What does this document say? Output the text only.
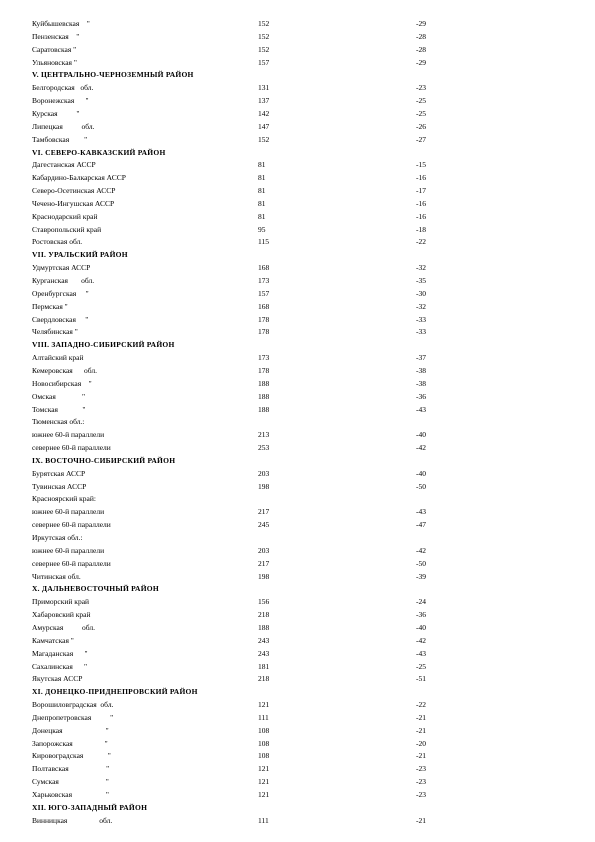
Куйбышевская    "	152	-29
Пензенская    "	152	-28
Саратовская "	152	-28
Ульяновская "	157	-29
V. ЦЕНТРАЛЬНО-ЧЕРНОЗЕМНЫЙ РАЙОН
Белгородская   обл.	131	-23
Воронежская      "	137	-25
Курская          "	142	-25
Липецкая          обл.	147	-26
Тамбовская        "	152	-27
VI. СЕВЕРО-КАВКАЗСКИЙ РАЙОН
Дагестанская АССР	81	-15
Кабардино-Балкарская АССР	81	-16
Северо-Осетинская АССР	81	-17
Чечено-Ингушская АССР	81	-16
Краснодарский край	81	-16
Ставропольский край	95	-18
Ростовская обл.	115	-22
VII. УРАЛЬСКИЙ РАЙОН
Удмуртская АССР	168	-32
Курганская       обл.	173	-35
Оренбургская     "	157	-30
Пермская "	168	-32
Свердловская     "	178	-33
Челябинская "	178	-33
VIII. ЗАПАДНО-СИБИРСКИЙ РАЙОН
Алтайский край	173	-37
Кемеровская      обл.	178	-38
Новосибирская    "	188	-38
Омская              "	188	-36
Томская             "	188	-43
Тюменская обл.:
южнее 60-й параллели	213	-40
севернее 60-й параллели	253	-42
IX. ВОСТОЧНО-СИБИРСКИЙ РАЙОН
Бурятская АССР	203	-40
Тувинская АССР	198	-50
Красноярский край:
южнее 60-й параллели	217	-43
севернее 60-й параллели	245	-47
Иркутская обл.:
южнее 60-й параллели	203	-42
севернее 60-й параллели	217	-50
Читинская обл.	198	-39
X. ДАЛЬНЕВОСТОЧНЫЙ РАЙОН
Приморский край	156	-24
Хабаровский край	218	-36
Амурская          обл.	188	-40
Камчатская "	243	-42
Магаданская      "	243	-43
Сахалинская      "	181	-25
Якутская АССР	218	-51
XI. ДОНЕЦКО-ПРИДНЕПРОВСКИЙ РАЙОН
Ворошиловградская  обл.	121	-22
Днепропетровская          "	111	-21
Донецкая                       "	108	-21
Запорожская                 "	108	-20
Кировоградская             "	108	-21
Полтавская                    "	121	-23
Сумская                         "	121	-23
Харьковская                  "	121	-23
XII. ЮГО-ЗАПАДНЫЙ РАЙОН
Винницкая                 обл.	111	-21
